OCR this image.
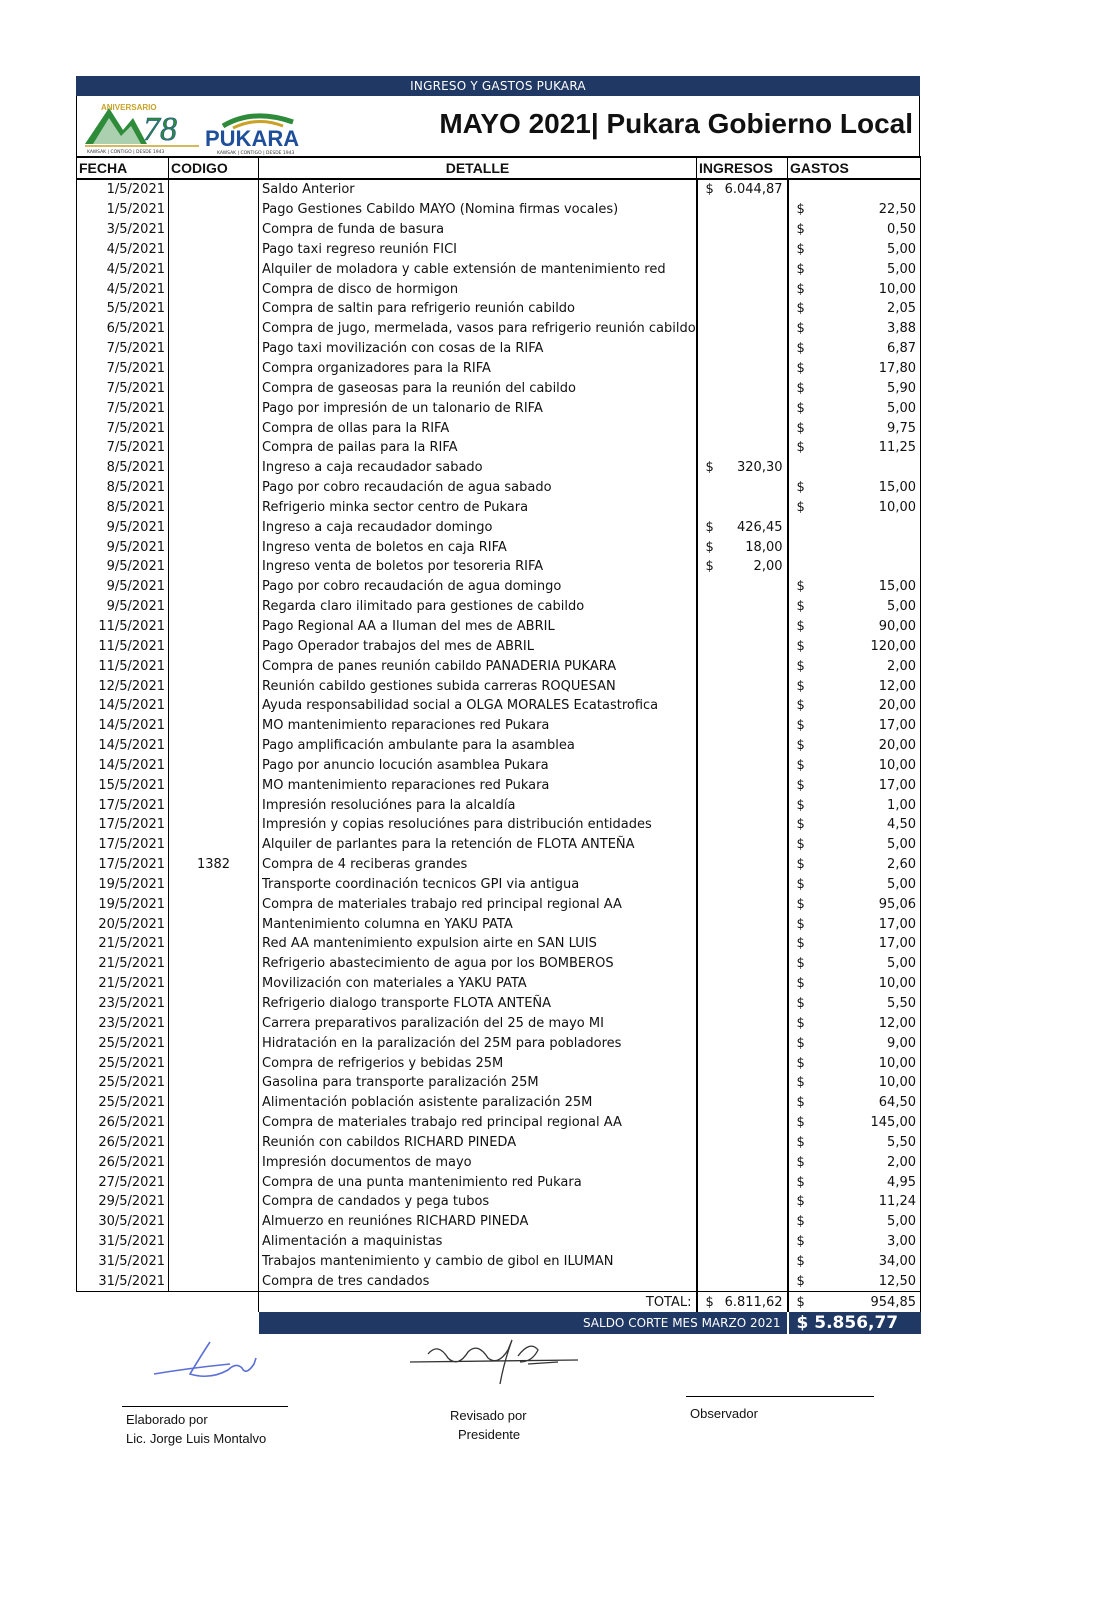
INGRESO Y GASTOS PUKARA
ANIVERSARIO
78
KAWSAK | CONTIGO | DESDE 1943
PUKARA
KAWSAK | CONTIGO | DESDE 1943
MAYO 2021| Pukara Gobierno Local
FECHA	CODIGO	DETALLE	INGRESOS	GASTOS
1/5/2021		Saldo Anterior	$ 6.044,87	

1/5/2021		Pago Gestiones Cabildo MAYO (Nomina firmas vocales)		$ 22,50

3/5/2021		Compra de funda de basura		$ 0,50

4/5/2021		Pago taxi regreso reunión FICI		$ 5,00

4/5/2021		Alquiler de moladora y cable extensión de mantenimiento red		$ 5,00

4/5/2021		Compra de disco de hormigon		$ 10,00

5/5/2021		Compra de saltin para refrigerio reunión cabildo		$ 2,05

6/5/2021		Compra de jugo, mermelada, vasos para refrigerio reunión cabildo		$ 3,88

7/5/2021		Pago taxi movilización con cosas de la RIFA		$ 6,87

7/5/2021		Compra organizadores para la RIFA		$ 17,80

7/5/2021		Compra de gaseosas para la reunión del cabildo		$ 5,90

7/5/2021		Pago por impresión de un talonario de RIFA		$ 5,00

7/5/2021		Compra de ollas para la RIFA		$ 9,75

7/5/2021		Compra de pailas para la RIFA		$ 11,25

8/5/2021		Ingreso a caja recaudador sabado	$ 320,30	

8/5/2021		Pago por cobro recaudación de agua sabado		$ 15,00

8/5/2021		Refrigerio minka sector centro de Pukara		$ 10,00

9/5/2021		Ingreso a caja recaudador domingo	$ 426,45	

9/5/2021		Ingreso venta de boletos en caja RIFA	$ 18,00	

9/5/2021		Ingreso venta de boletos por tesoreria RIFA	$ 2,00	

9/5/2021		Pago por cobro recaudación de agua domingo		$ 15,00

9/5/2021		Regarda claro ilimitado para gestiones de cabildo		$ 5,00

11/5/2021		Pago Regional AA a Iluman del mes de ABRIL		$ 90,00

11/5/2021		Pago Operador trabajos del mes de ABRIL		$ 120,00

11/5/2021		Compra de panes reunión cabildo PANADERIA PUKARA		$ 2,00

12/5/2021		Reunión cabildo gestiones subida carreras ROQUESAN		$ 12,00

14/5/2021		Ayuda responsabilidad social a OLGA MORALES Ecatastrofica		$ 20,00

14/5/2021		MO mantenimiento reparaciones red Pukara		$ 17,00

14/5/2021		Pago amplificación ambulante para la asamblea		$ 20,00

14/5/2021		Pago por anuncio locución asamblea Pukara		$ 10,00

15/5/2021		MO mantenimiento reparaciones red Pukara		$ 17,00

17/5/2021		Impresión resoluciónes para la alcaldía		$ 1,00

17/5/2021		Impresión y copias resoluciónes para distribución entidades		$ 4,50

17/5/2021		Alquiler de parlantes para la retención de FLOTA ANTEÑA		$ 5,00

17/5/2021	1382	Compra de 4 reciberas grandes		$ 2,60

19/5/2021		Transporte coordinación tecnicos GPI via antigua		$ 5,00

19/5/2021		Compra de materiales trabajo red principal regional AA		$ 95,06

20/5/2021		Mantenimiento columna en YAKU PATA		$ 17,00

21/5/2021		Red AA mantenimiento expulsion airte en SAN LUIS		$ 17,00

21/5/2021		Refrigerio abastecimiento de agua por los BOMBEROS		$ 5,00

21/5/2021		Movilización con materiales a YAKU PATA		$ 10,00

23/5/2021		Refrigerio dialogo transporte FLOTA ANTEÑA		$ 5,50

23/5/2021		Carrera preparativos paralización del 25 de mayo MI		$ 12,00

25/5/2021		Hidratación en la paralización del 25M para pobladores		$ 9,00

25/5/2021		Compra de refrigerios y bebidas 25M		$ 10,00

25/5/2021		Gasolina para transporte paralización 25M		$ 10,00

25/5/2021		Alimentación población asistente paralización 25M		$ 64,50

26/5/2021		Compra de materiales trabajo red principal regional AA		$ 145,00

26/5/2021		Reunión con cabildos RICHARD PINEDA		$ 5,50

26/5/2021		Impresión documentos de mayo		$ 2,00

27/5/2021		Compra de una punta mantenimiento red Pukara		$ 4,95

29/5/2021		Compra de candados y pega tubos		$ 11,24

30/5/2021		Almuerzo en reuniónes RICHARD PINEDA		$ 5,00

31/5/2021		Alimentación a maquinistas		$ 3,00

31/5/2021		Trabajos mantenimiento y cambio de gibol en ILUMAN		$ 34,00

31/5/2021		Compra de tres candados		$ 12,50

		TOTAL:	$ 6.811,62	$ 954,85

		SALDO CORTE MES MARZO 2021		$ 5.856,77
Elaborado por
Lic. Jorge Luis Montalvo
Revisado por
Presidente
Observador
